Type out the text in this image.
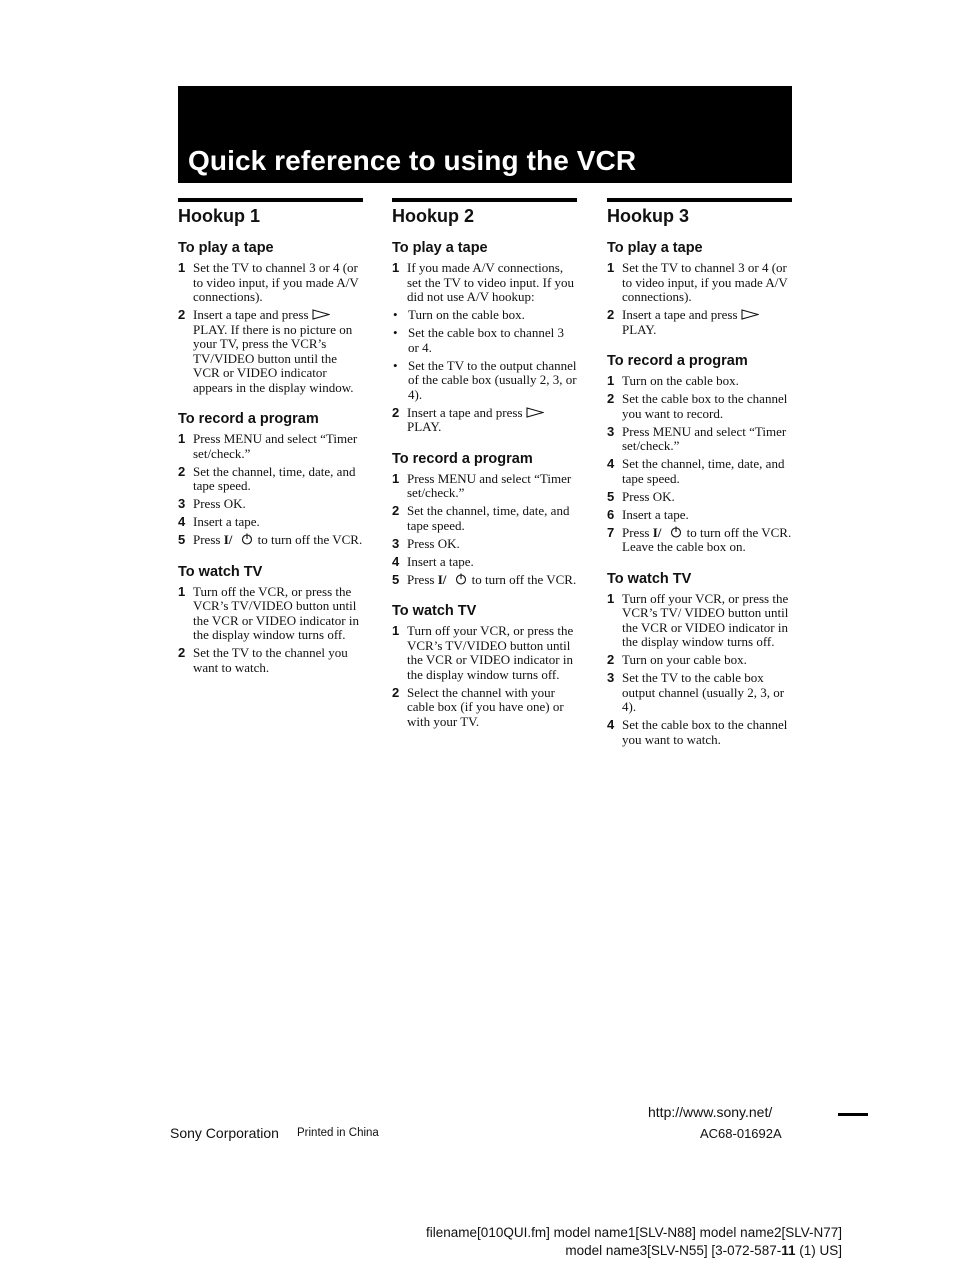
Quick reference to using the VCR
Hookup 1
To play a tape
1 Set the TV to channel 3 or 4 (or to video input, if you made A/V connections).
2 Insert a tape and press PLAY. If there is no picture on your TV, press the VCR’s TV/VIDEO button until the VCR or VIDEO indicator appears in the display window.
To record a program
1 Press MENU and select “Timer set/check.”
2 Set the channel, time, date, and tape speed.
3 Press OK.
4 Insert a tape.
5 Press I/ to turn off the VCR.
To watch TV
1 Turn off the VCR, or press the VCR’s TV/VIDEO button until the VCR or VIDEO indicator in the display window turns off.
2 Set the TV to the channel you want to watch.
Hookup 2
To play a tape
1 If you made A/V connections, set the TV to video input. If you did not use A/V hookup:
• Turn on the cable box.
• Set the cable box to channel 3 or 4.
• Set the TV to the output channel of the cable box (usually 2, 3, or 4).
2 Insert a tape and press PLAY.
To record a program
1 Press MENU and select “Timer set/check.”
2 Set the channel, time, date, and tape speed.
3 Press OK.
4 Insert a tape.
5 Press I/ to turn off the VCR.
To watch TV
1 Turn off your VCR, or press the VCR’s TV/VIDEO button until the VCR or VIDEO indicator in the display window turns off.
2 Select the channel with your cable box (if you have one) or with your TV.
Hookup 3
To play a tape
1 Set the TV to channel 3 or 4 (or to video input, if you made A/V connections).
2 Insert a tape and press PLAY.
To record a program
1 Turn on the cable box.
2 Set the cable box to the channel you want to record.
3 Press MENU and select “Timer set/check.”
4 Set the channel, time, date, and tape speed.
5 Press OK.
6 Insert a tape.
7 Press I/ to turn off the VCR.
Leave the cable box on.
To watch TV
1 Turn off your VCR, or press the VCR’s TV/ VIDEO button until the VCR or VIDEO indicator in the display window turns off.
2 Turn on your cable box.
3 Set the TV to the cable box output channel (usually 2, 3, or 4).
4 Set the cable box to the channel you want to watch.
http://www.sony.net/
AC68-01692A
Sony Corporation Printed in China
filename[010QUI.fm] model name1[SLV-N88] model name2[SLV-N77]
model name3[SLV-N55] [3-072-587-11 (1) US]
